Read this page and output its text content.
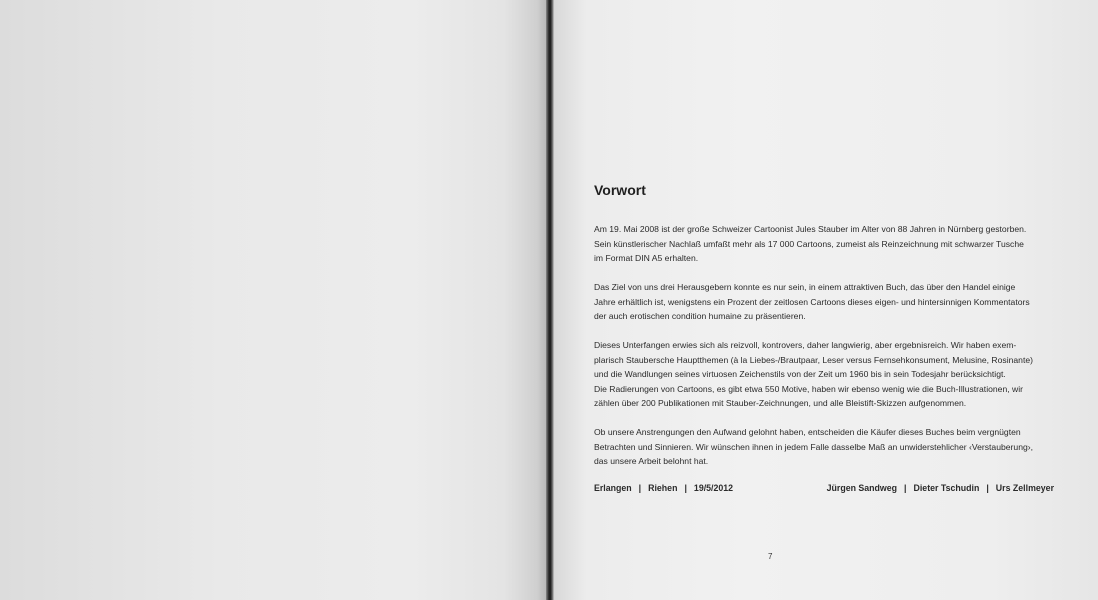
Vorwort

Am 19. Mai 2008 ist der große Schweizer Cartoonist Jules Stauber im Alter von 88 Jahren in Nürnberg gestorben.
Sein künstlerischer Nachlaß umfaßt mehr als 17 000 Cartoons, zumeist als Reinzeichnung mit schwarzer Tusche
im Format DIN A5 erhalten.

Das Ziel von uns drei Herausgebern konnte es nur sein, in einem attraktiven Buch, das über den Handel einige
Jahre erhältlich ist, wenigstens ein Prozent der zeitlosen Cartoons dieses eigen- und hintersinnigen Kommentators
der auch erotischen condition humaine zu präsentieren.

Dieses Unterfangen erwies sich als reizvoll, kontrovers, daher langwierig, aber ergebnisreich. Wir haben exem-
plarisch Staubersche Hauptthemen (à la Liebes-/Brautpaar, Leser versus Fernsehkonsument, Melusine, Rosinante)
und die Wandlungen seines virtuosen Zeichenstils von der Zeit um 1960 bis in sein Todesjahr berücksichtigt.
Die Radierungen von Cartoons, es gibt etwa 550 Motive, haben wir ebenso wenig wie die Buch-Illustrationen, wir
zählen über 200 Publikationen mit Stauber-Zeichnungen, und alle Bleistift-Skizzen aufgenommen.

Ob unsere Anstrengungen den Aufwand gelohnt haben, entscheiden die Käufer dieses Buches beim vergnügten
Betrachten und Sinnieren. Wir wünschen ihnen in jedem Falle dasselbe Maß an unwiderstehlicher ‹Verstauberung›,
das unsere Arbeit belohnt hat.

Erlangen | Riehen | 19/5/2012	Jürgen Sandweg | Dieter Tschudin | Urs Zellmeyer
7
